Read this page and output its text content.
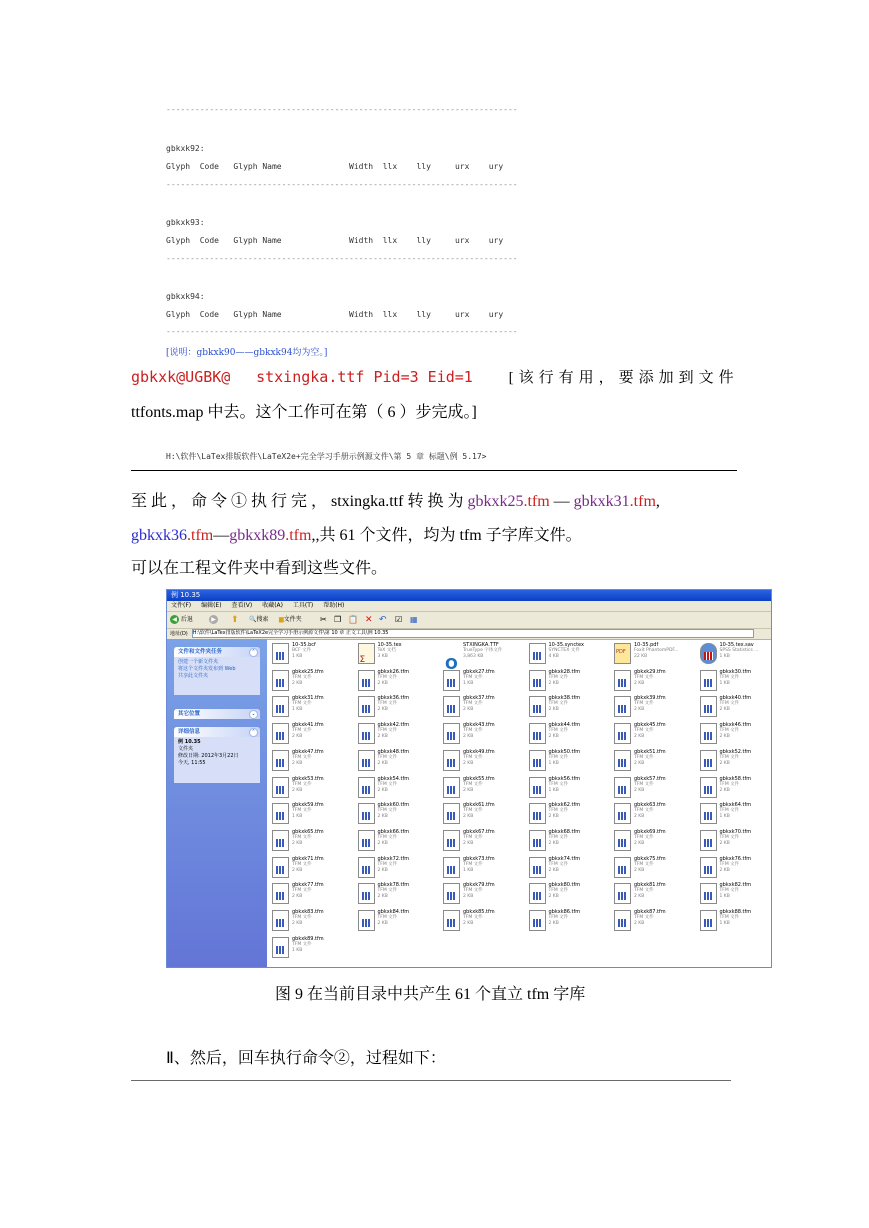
-------------------------------------------------------------------------
gbkxk92:
Glyph  Code   Glyph Name              Width  llx    lly     urx    ury
-------------------------------------------------------------------------
gbkxk93:
Glyph  Code   Glyph Name              Width  llx    lly     urx    ury
-------------------------------------------------------------------------
gbkxk94:
Glyph  Code   Glyph Name              Width  llx    lly     urx    ury
-------------------------------------------------------------------------
[说明：gbkxk90——gbkxk94均为空。]
gbkxk@UGBK@ stxingka.ttf Pid=3 Eid=1 [该行有用，要添加到文件
ttfonts.map 中去。这个工作可在第（ 6 ）步完成。]
H:\软件\LaTex排版软件\LaTeX2e+完全学习手册示例源文件\第 5 章 标题\例 5.17>
至 此 ， 命 令 ① 执 行 完 ， stxingka.ttf 转 换 为 gbkxk25.tfm — gbkxk31.tfm,
gbkxk36.tfm—gbkxk89.tfm,,共 61 个文件，均为 tfm 子字库文件。
可以在工程文件夹中看到这些文件。
例 10.35
文件(F) 编辑(E) 查看(V) 收藏(A) 工具(T) 帮助(H)
◀ 后退	▶ ⬆ 🔍搜索 ▆文件夹 ✂ ❐ 📋 ✕ ↶ ☑ ▦
地址(D) H:\软件\LaTex排版软件\LaTeX2e完全学习手册示例源文件\第 10 章 正文工具\例 10.35
文件和文件夹任务	⌃
创建一个新文件夹
将这个文件夹发布到 Web
共享此文件夹
其它位置	⌄
详细信息	⌃
例 10.35
文件夹
修改日期: 2012年3月22日
今天, 11:55
10-35.bcf
BCF 文件
1 KB
Σ
10-35.tex
TeX 文档
3 KB
O
STXINGKA.TTF
TrueType 字体文件
3,863 KB
10-35.synctex
SYNCTEX 文件
4 KB
PDF
10-35.pdf
Foxit PhantomPDF...
22 KB
10-35.tex.sav
SPSS Statistics ...
1 KB
gbkxk25.tfm
TFM 文件
2 KB
gbkxk26.tfm
TFM 文件
2 KB
gbkxk27.tfm
TFM 文件
1 KB
gbkxk28.tfm
TFM 文件
2 KB
gbkxk29.tfm
TFM 文件
2 KB
gbkxk30.tfm
TFM 文件
1 KB
gbkxk31.tfm
TFM 文件
1 KB
gbkxk36.tfm
TFM 文件
2 KB
gbkxk37.tfm
TFM 文件
2 KB
gbkxk38.tfm
TFM 文件
2 KB
gbkxk39.tfm
TFM 文件
2 KB
gbkxk40.tfm
TFM 文件
2 KB
gbkxk41.tfm
TFM 文件
2 KB
gbkxk42.tfm
TFM 文件
2 KB
gbkxk43.tfm
TFM 文件
2 KB
gbkxk44.tfm
TFM 文件
2 KB
gbkxk45.tfm
TFM 文件
2 KB
gbkxk46.tfm
TFM 文件
2 KB
gbkxk47.tfm
TFM 文件
2 KB
gbkxk48.tfm
TFM 文件
2 KB
gbkxk49.tfm
TFM 文件
2 KB
gbkxk50.tfm
TFM 文件
1 KB
gbkxk51.tfm
TFM 文件
2 KB
gbkxk52.tfm
TFM 文件
2 KB
gbkxk53.tfm
TFM 文件
2 KB
gbkxk54.tfm
TFM 文件
2 KB
gbkxk55.tfm
TFM 文件
2 KB
gbkxk56.tfm
TFM 文件
1 KB
gbkxk57.tfm
TFM 文件
2 KB
gbkxk58.tfm
TFM 文件
2 KB
gbkxk59.tfm
TFM 文件
1 KB
gbkxk60.tfm
TFM 文件
2 KB
gbkxk61.tfm
TFM 文件
2 KB
gbkxk62.tfm
TFM 文件
2 KB
gbkxk63.tfm
TFM 文件
2 KB
gbkxk64.tfm
TFM 文件
1 KB
gbkxk65.tfm
TFM 文件
2 KB
gbkxk66.tfm
TFM 文件
2 KB
gbkxk67.tfm
TFM 文件
2 KB
gbkxk68.tfm
TFM 文件
2 KB
gbkxk69.tfm
TFM 文件
2 KB
gbkxk70.tfm
TFM 文件
2 KB
gbkxk71.tfm
TFM 文件
2 KB
gbkxk72.tfm
TFM 文件
2 KB
gbkxk73.tfm
TFM 文件
1 KB
gbkxk74.tfm
TFM 文件
2 KB
gbkxk75.tfm
TFM 文件
2 KB
gbkxk76.tfm
TFM 文件
2 KB
gbkxk77.tfm
TFM 文件
2 KB
gbkxk78.tfm
TFM 文件
2 KB
gbkxk79.tfm
TFM 文件
2 KB
gbkxk80.tfm
TFM 文件
2 KB
gbkxk81.tfm
TFM 文件
2 KB
gbkxk82.tfm
TFM 文件
1 KB
gbkxk83.tfm
TFM 文件
2 KB
gbkxk84.tfm
TFM 文件
2 KB
gbkxk85.tfm
TFM 文件
2 KB
gbkxk86.tfm
TFM 文件
2 KB
gbkxk87.tfm
TFM 文件
2 KB
gbkxk88.tfm
TFM 文件
1 KB
gbkxk89.tfm
TFM 文件
1 KB
图 9 在当前目录中共产生 61 个直立 tfm 字库
Ⅱ、然后，回车执行命令②，过程如下：
——————————————————————————————————————————————————
